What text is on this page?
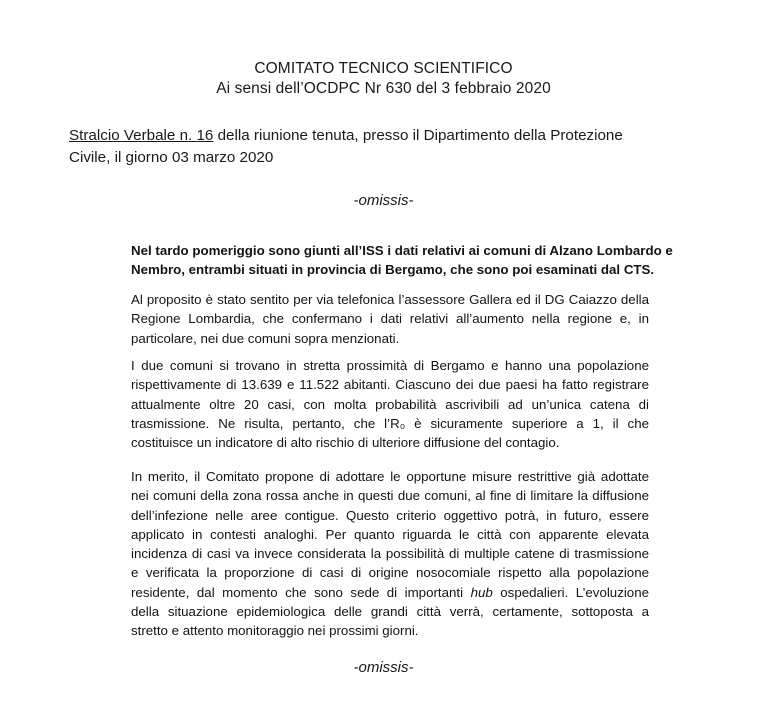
COMITATO TECNICO SCIENTIFICO
Ai sensi dell’OCDPC Nr 630 del 3 febbraio 2020
Stralcio Verbale n. 16 della riunione tenuta, presso il Dipartimento della Protezione
Civile, il giorno 03 marzo 2020
-omissis-
Nel tardo pomeriggio sono giunti all’ISS i dati relativi ai comuni di Alzano Lombardo e
Nembro, entrambi situati in provincia di Bergamo, che sono poi esaminati dal CTS.
Al proposito è stato sentito per via telefonica l’assessore Gallera ed il DG Caiazzo della
Regione Lombardia, che confermano i dati relativi all’aumento nella regione e, in
particolare, nei due comuni sopra menzionati.
I due comuni si trovano in stretta prossimità di Bergamo e hanno una popolazione
rispettivamente di 13.639 e 11.522 abitanti. Ciascuno dei due paesi ha fatto registrare
attualmente oltre 20 casi, con molta probabilità ascrivibili ad un’unica catena di
trasmissione. Ne risulta, pertanto, che l’R₀ è sicuramente superiore a 1, il che
costituisce un indicatore di alto rischio di ulteriore diffusione del contagio.
In merito, il Comitato propone di adottare le opportune misure restrittive già adottate
nei comuni della zona rossa anche in questi due comuni, al fine di limitare la diffusione
dell’infezione nelle aree contigue. Questo criterio oggettivo potrà, in futuro, essere
applicato in contesti analoghi. Per quanto riguarda le città con apparente elevata
incidenza di casi va invece considerata la possibilità di multiple catene di trasmissione
e verificata la proporzione di casi di origine nosocomiale rispetto alla popolazione
residente, dal momento che sono sede di importanti hub ospedalieri. L’evoluzione
della situazione epidemiologica delle grandi città verrà, certamente, sottoposta a
stretto e attento monitoraggio nei prossimi giorni.
-omissis-
